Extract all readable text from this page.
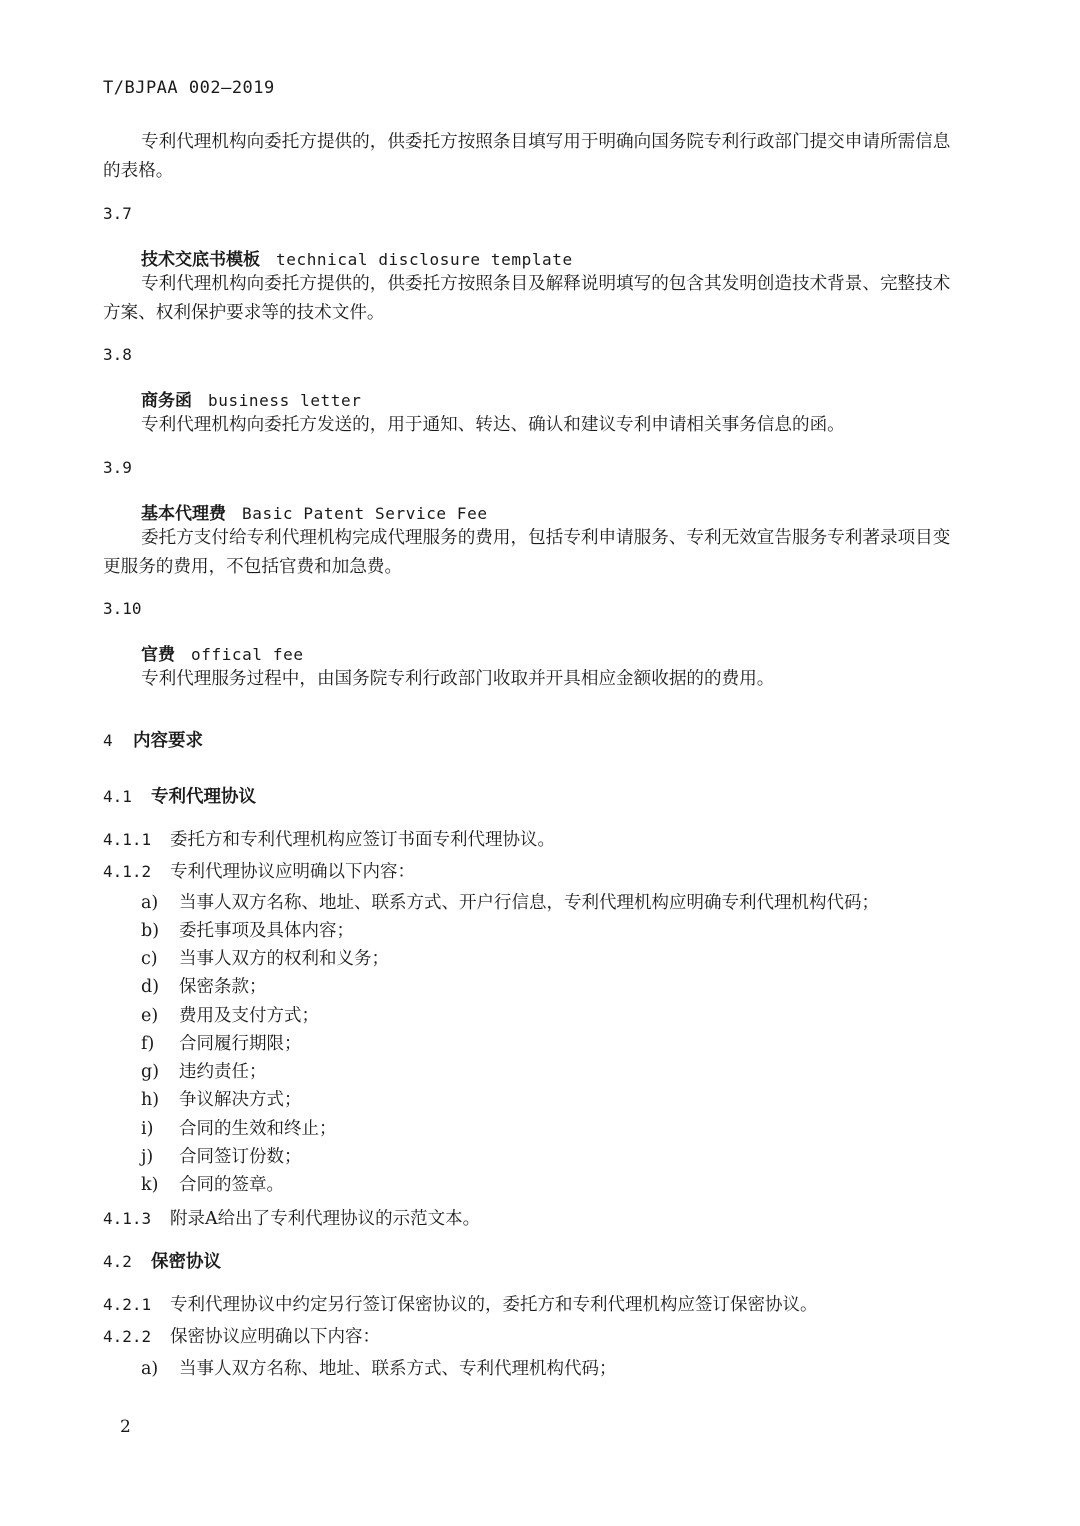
T/BJPAA 002—2019
专利代理机构向委托方提供的，供委托方按照条目填写用于明确向国务院专利行政部门提交申请所需信息的表格。
3.7
技术交底书模板 technical disclosure template
专利代理机构向委托方提供的，供委托方按照条目及解释说明填写的包含其发明创造技术背景、完整技术方案、权利保护要求等的技术文件。
3.8
商务函 business letter
专利代理机构向委托方发送的，用于通知、转达、确认和建议专利申请相关事务信息的函。
3.9
基本代理费 Basic Patent Service Fee
委托方支付给专利代理机构完成代理服务的费用，包括专利申请服务、专利无效宣告服务专利著录项目变更服务的费用，不包括官费和加急费。
3.10
官费 offical fee
专利代理服务过程中，由国务院专利行政部门收取并开具相应金额收据的的费用。
4 内容要求
4.1 专利代理协议
4.1.1 委托方和专利代理机构应签订书面专利代理协议。
4.1.2 专利代理协议应明确以下内容：
a) 当事人双方名称、地址、联系方式、开户行信息，专利代理机构应明确专利代理机构代码；
b) 委托事项及具体内容；
c) 当事人双方的权利和义务；
d) 保密条款；
e) 费用及支付方式；
f) 合同履行期限；
g) 违约责任；
h) 争议解决方式；
i) 合同的生效和终止；
j) 合同签订份数；
k) 合同的签章。
4.1.3 附录A给出了专利代理协议的示范文本。
4.2 保密协议
4.2.1 专利代理协议中约定另行签订保密协议的，委托方和专利代理机构应签订保密协议。
4.2.2 保密协议应明确以下内容：
a) 当事人双方名称、地址、联系方式、专利代理机构代码；
2
